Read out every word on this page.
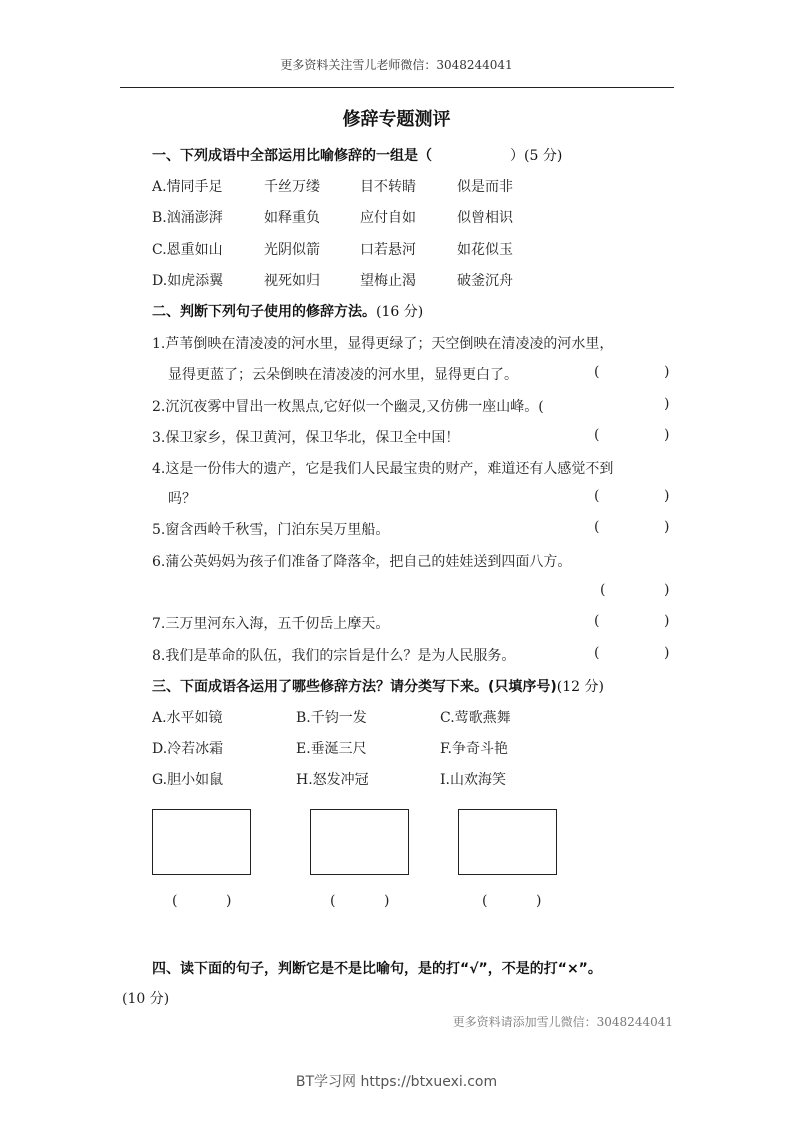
更多资料关注雪儿老师微信：3048244041
修辞专题测评
一、下列成语中全部运用比喻修辞的一组是（	）(5 分)
A.情同手足	千丝万缕	目不转睛	似是而非
B.汹涌澎湃	如释重负	应付自如	似曾相识
C.恩重如山	光阴似箭	口若悬河	如花似玉
D.如虎添翼	视死如归	望梅止渴	破釜沉舟
二、判断下列句子使用的修辞方法。(16 分)
1.芦苇倒映在清凌凌的河水里，显得更绿了；天空倒映在清凌凌的河水里，
显得更蓝了；云朵倒映在清凌凌的河水里，显得更白了。	(	)
2.沉沉夜雾中冒出一枚黑点,它好似一个幽灵,又仿佛一座山峰。(	)
3.保卫家乡，保卫黄河，保卫华北，保卫全中国！	(	)
4.这是一份伟大的遗产，它是我们人民最宝贵的财产，难道还有人感觉不到
吗？	(	)
5.窗含西岭千秋雪，门泊东吴万里船。	(	)
6.蒲公英妈妈为孩子们准备了降落伞，把自己的娃娃送到四面八方。
(	)
7.三万里河东入海，五千仞岳上摩天。	(	)
8.我们是革命的队伍，我们的宗旨是什么？是为人民服务。	(	)
三、下面成语各运用了哪些修辞方法？请分类写下来。(只填序号)(12 分)
A.水平如镜	B.千钧一发	C.莺歌燕舞
D.冷若冰霜	E.垂涎三尺	F.争奇斗艳
G.胆小如鼠	H.怒发冲冠	I.山欢海笑
(	)	(	)	(	)
四、读下面的句子，判断它是不是比喻句，是的打“√”，不是的打“×”。
(10 分)
更多资料请添加雪儿微信：3048244041
BT学习网 https://btxuexi.com
